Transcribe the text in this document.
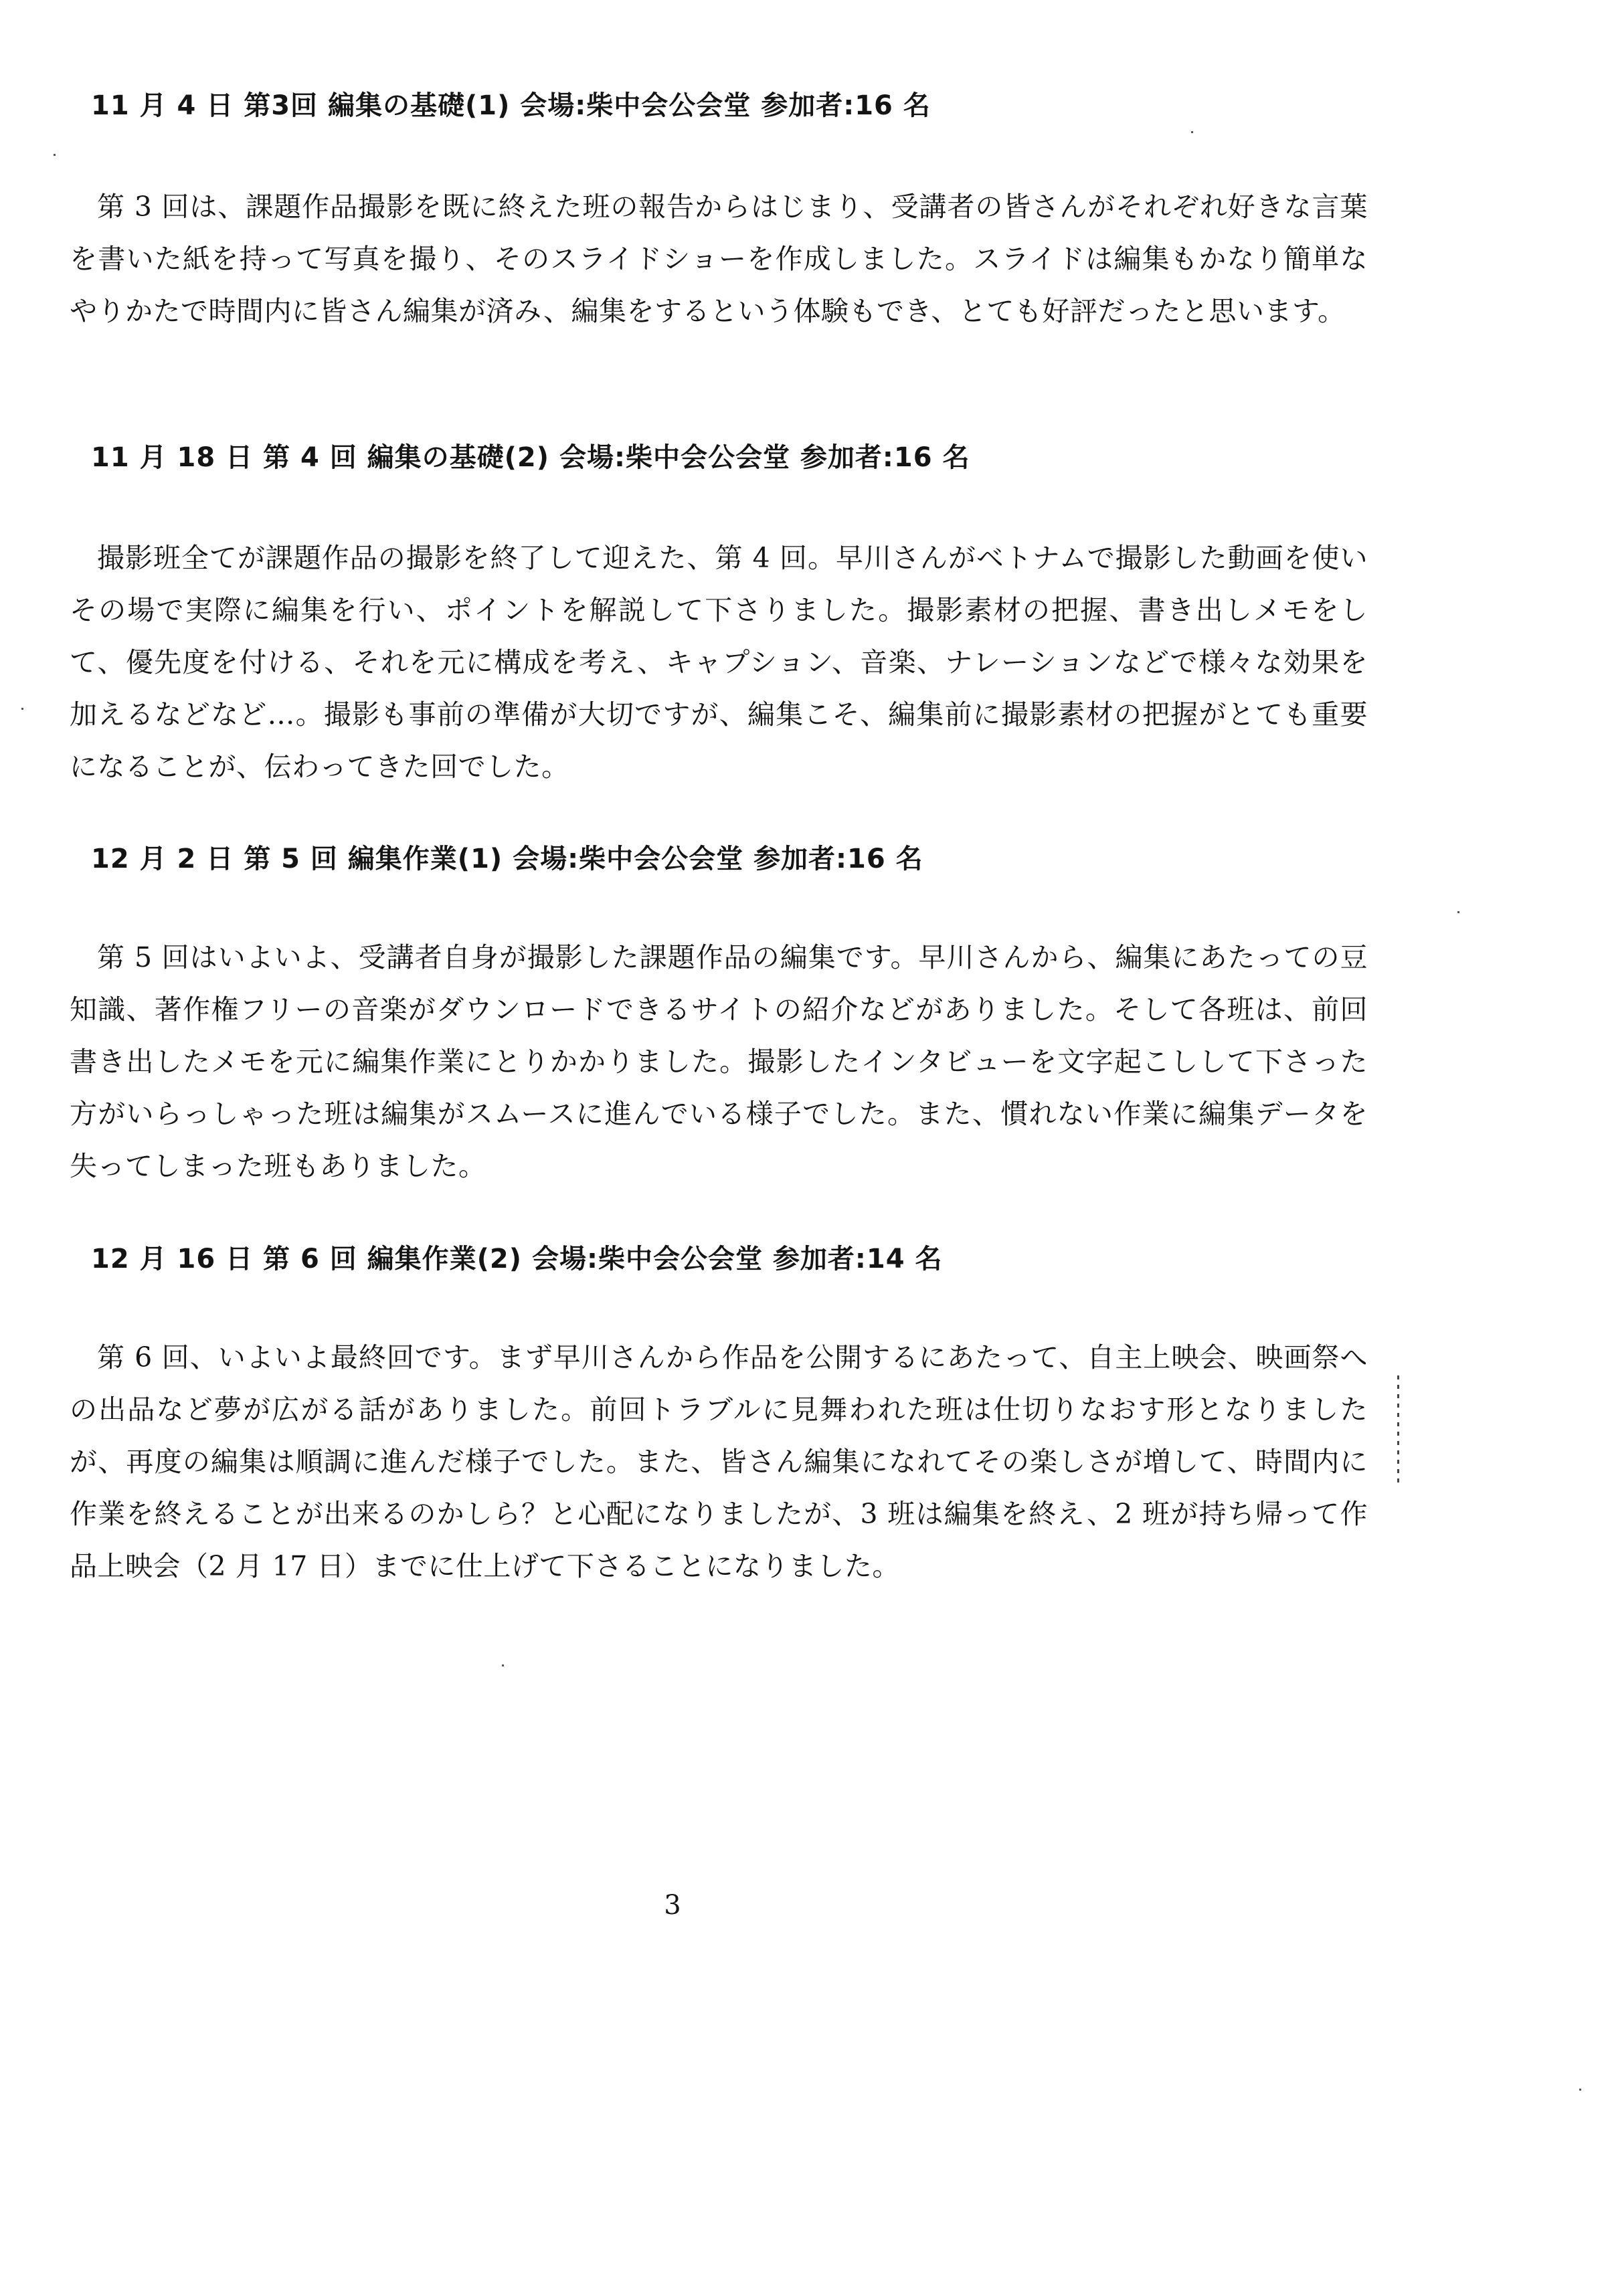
11 月 4 日 第3回 編集の基礎(1) 会場:柴中会公会堂 参加者:16 名

第 3 回は、課題作品撮影を既に終えた班の報告からはじまり、受講者の皆さんがそれぞれ好きな言葉を書いた紙を持って写真を撮り、そのスライドショーを作成しました。スライドは編集もかなり簡単なやりかたで時間内に皆さん編集が済み、編集をするという体験もでき、とても好評だったと思います。

11 月 18 日 第 4 回 編集の基礎(2) 会場:柴中会公会堂 参加者:16 名

撮影班全てが課題作品の撮影を終了して迎えた、第 4 回。早川さんがベトナムで撮影した動画を使いその場で実際に編集を行い、ポイントを解説して下さりました。撮影素材の把握、書き出しメモをして、優先度を付ける、それを元に構成を考え、キャプション、音楽、ナレーションなどで様々な効果を加えるなどなど…。撮影も事前の準備が大切ですが、編集こそ、編集前に撮影素材の把握がとても重要になることが、伝わってきた回でした。

12 月 2 日 第 5 回 編集作業(1) 会場:柴中会公会堂 参加者:16 名

第 5 回はいよいよ、受講者自身が撮影した課題作品の編集です。早川さんから、編集にあたっての豆知識、著作権フリーの音楽がダウンロードできるサイトの紹介などがありました。そして各班は、前回書き出したメモを元に編集作業にとりかかりました。撮影したインタビューを文字起こしして下さった方がいらっしゃった班は編集がスムースに進んでいる様子でした。また、慣れない作業に編集データを失ってしまった班もありました。

12 月 16 日 第 6 回 編集作業(2) 会場:柴中会公会堂 参加者:14 名

第 6 回、いよいよ最終回です。まず早川さんから作品を公開するにあたって、自主上映会、映画祭への出品など夢が広がる話がありました。前回トラブルに見舞われた班は仕切りなおす形となりましたが、再度の編集は順調に進んだ様子でした。また、皆さん編集になれてその楽しさが増して、時間内に作業を終えることが出来るのかしら？と心配になりましたが、3 班は編集を終え、2 班が持ち帰って作品上映会（2 月 17 日）までに仕上げて下さることになりました。

3
